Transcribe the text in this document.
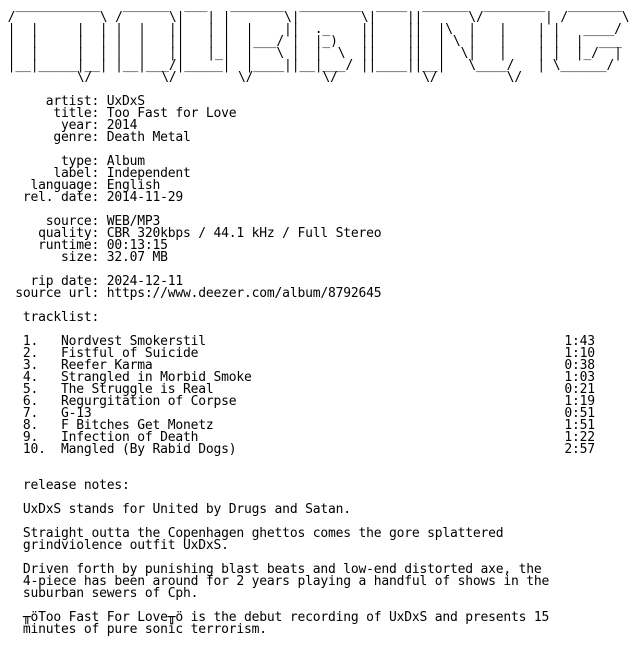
___________   ______  ___   _______  ________  ____  ______  ________   _______
/           \ /      \|   | |       \|        \|    ||      \/        | /       \
|  |     |  | |  |   ||   | |  |    ||  ._    ||    ||  |\  |   |    | |   ____/
|  |     |  | |  |   ||   | |  |___/ |  |_)   ||    ||  | \ |   |    | |  |  ___
|  |     |  | |  |   ||   |_|  |   \ |  |  \  ||    ||  |  \|   |    | |  |_/  |
|__|_____|__| |__|___/|_____|  |____||__|___/ ||____||__|   \____/   | \______/
\/         \/        \/         \/           \/         \/
artist: UxDxS
title: Too Fast for Love
year: 2014
genre: Death Metal
type: Album
label: Independent
language: English
rel. date: 2014-11-29
source: WEB/MP3
quality: CBR 320kbps / 44.1 kHz / Full Stereo
runtime: 00:13:15
size: 32.07 MB
rip date: 2024-12-11
source url: https://www.deezer.com/album/8792645
tracklist:
1.   Nordvest Smokerstil                                               1:43
2.   Fistful of Suicide                                                1:10
3.   Reefer Karma                                                      0:38
4.   Strangled in Morbid Smoke                                         1:03
5.   The Struggle is Real                                              0:21
6.   Regurgitation of Corpse                                           1:19
7.   G-13                                                              0:51
8.   F Bitches Get Monetz                                              1:51
9.   Infection of Death                                                1:22
10.  Mangled (By Rabid Dogs)                                           2:57
release notes:
UxDxS stands for United by Drugs and Satan.
Straight outta the Copenhagen ghettos comes the gore splattered
grindviolence outfit UxDxS.
Driven forth by punishing blast beats and low-end distorted axe, the
4-piece has been around for 2 years playing a handful of shows in the
suburban sewers of Cph.
╥öToo Fast For Love╥ö is the debut recording of UxDxS and presents 15
minutes of pure sonic terrorism.
